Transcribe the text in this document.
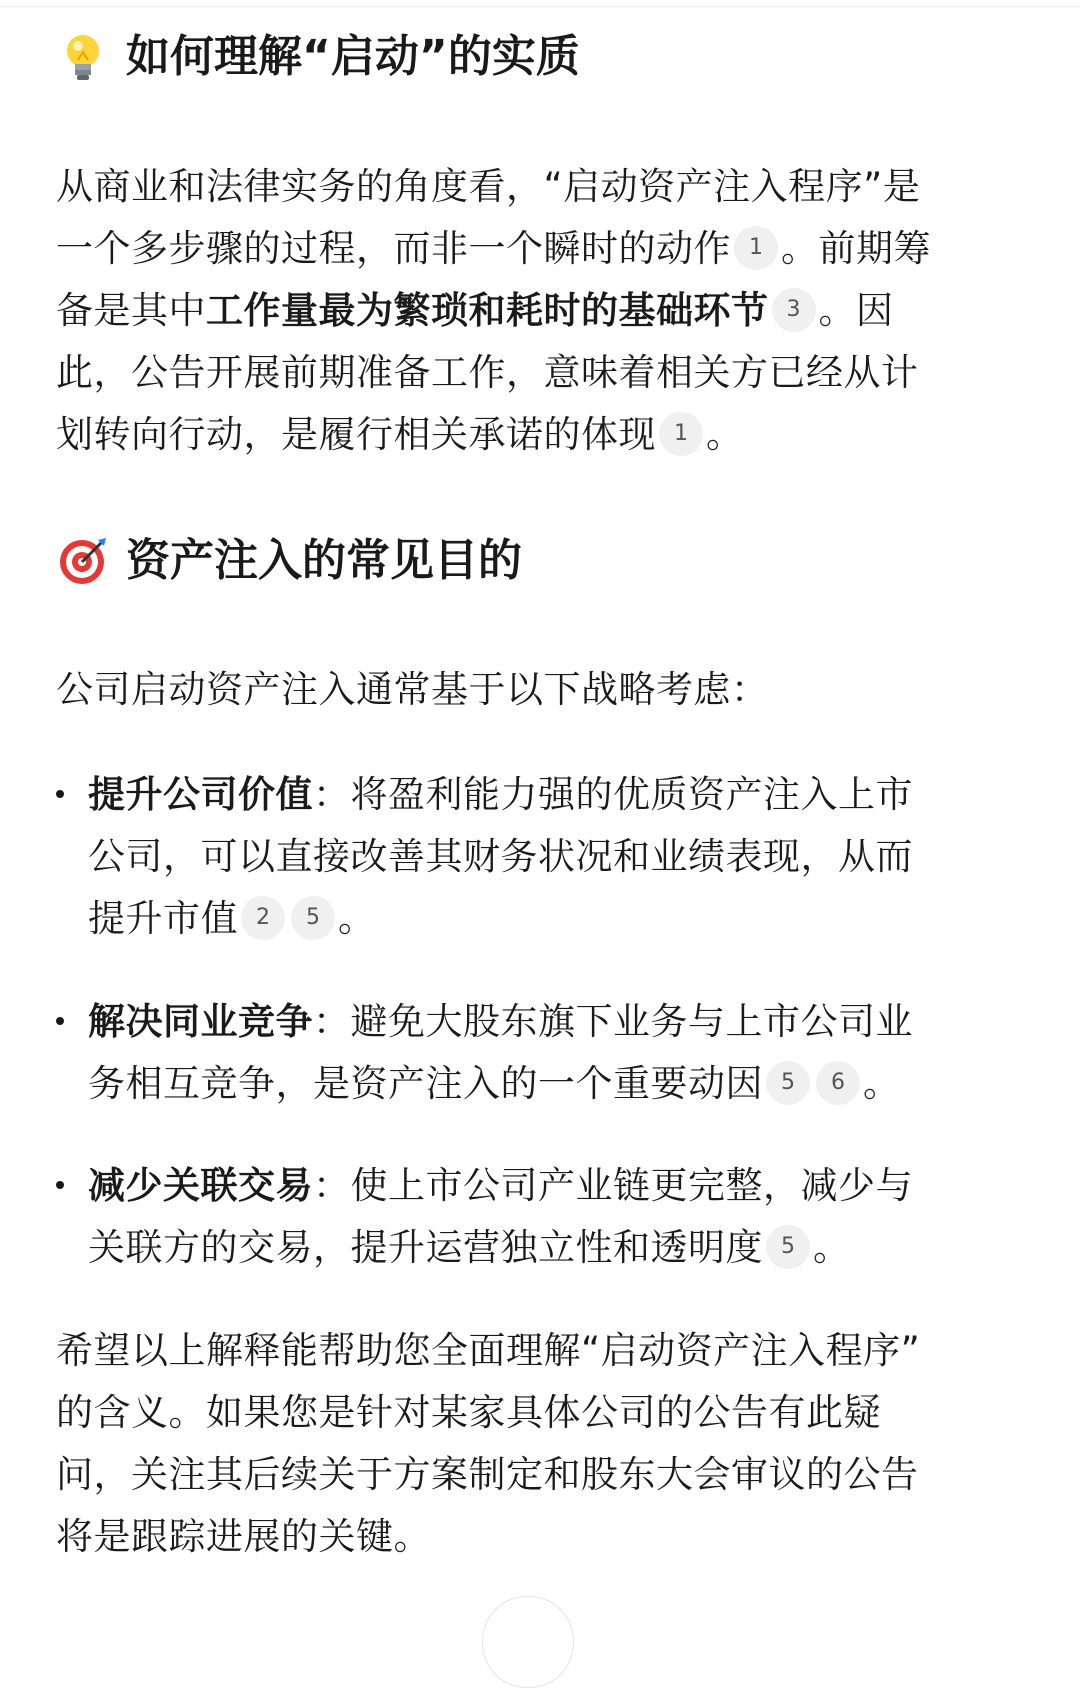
如何理解“启动”的实质
从商业和法律实务的角度看，“启动资产注入程序”是
一个多步骤的过程，而非一个瞬时的动作 1 。前期筹
备是其中工作量最为繁琐和耗时的基础环节 3 。因
此，公告开展前期准备工作，意味着相关方已经从计
划转向行动，是履行相关承诺的体现 1 。
资产注入的常见目的
公司启动资产注入通常基于以下战略考虑：
提升公司价值：将盈利能力强的优质资产注入上市
公司，可以直接改善其财务状况和业绩表现，从而
提升市值 2 5 。
解决同业竞争：避免大股东旗下业务与上市公司业
务相互竞争，是资产注入的一个重要动因 5 6 。
减少关联交易：使上市公司产业链更完整，减少与
关联方的交易，提升运营独立性和透明度 5 。
希望以上解释能帮助您全面理解“启动资产注入程序”
的含义。如果您是针对某家具体公司的公告有此疑
问，关注其后续关于方案制定和股东大会审议的公告
将是跟踪进展的关键。
